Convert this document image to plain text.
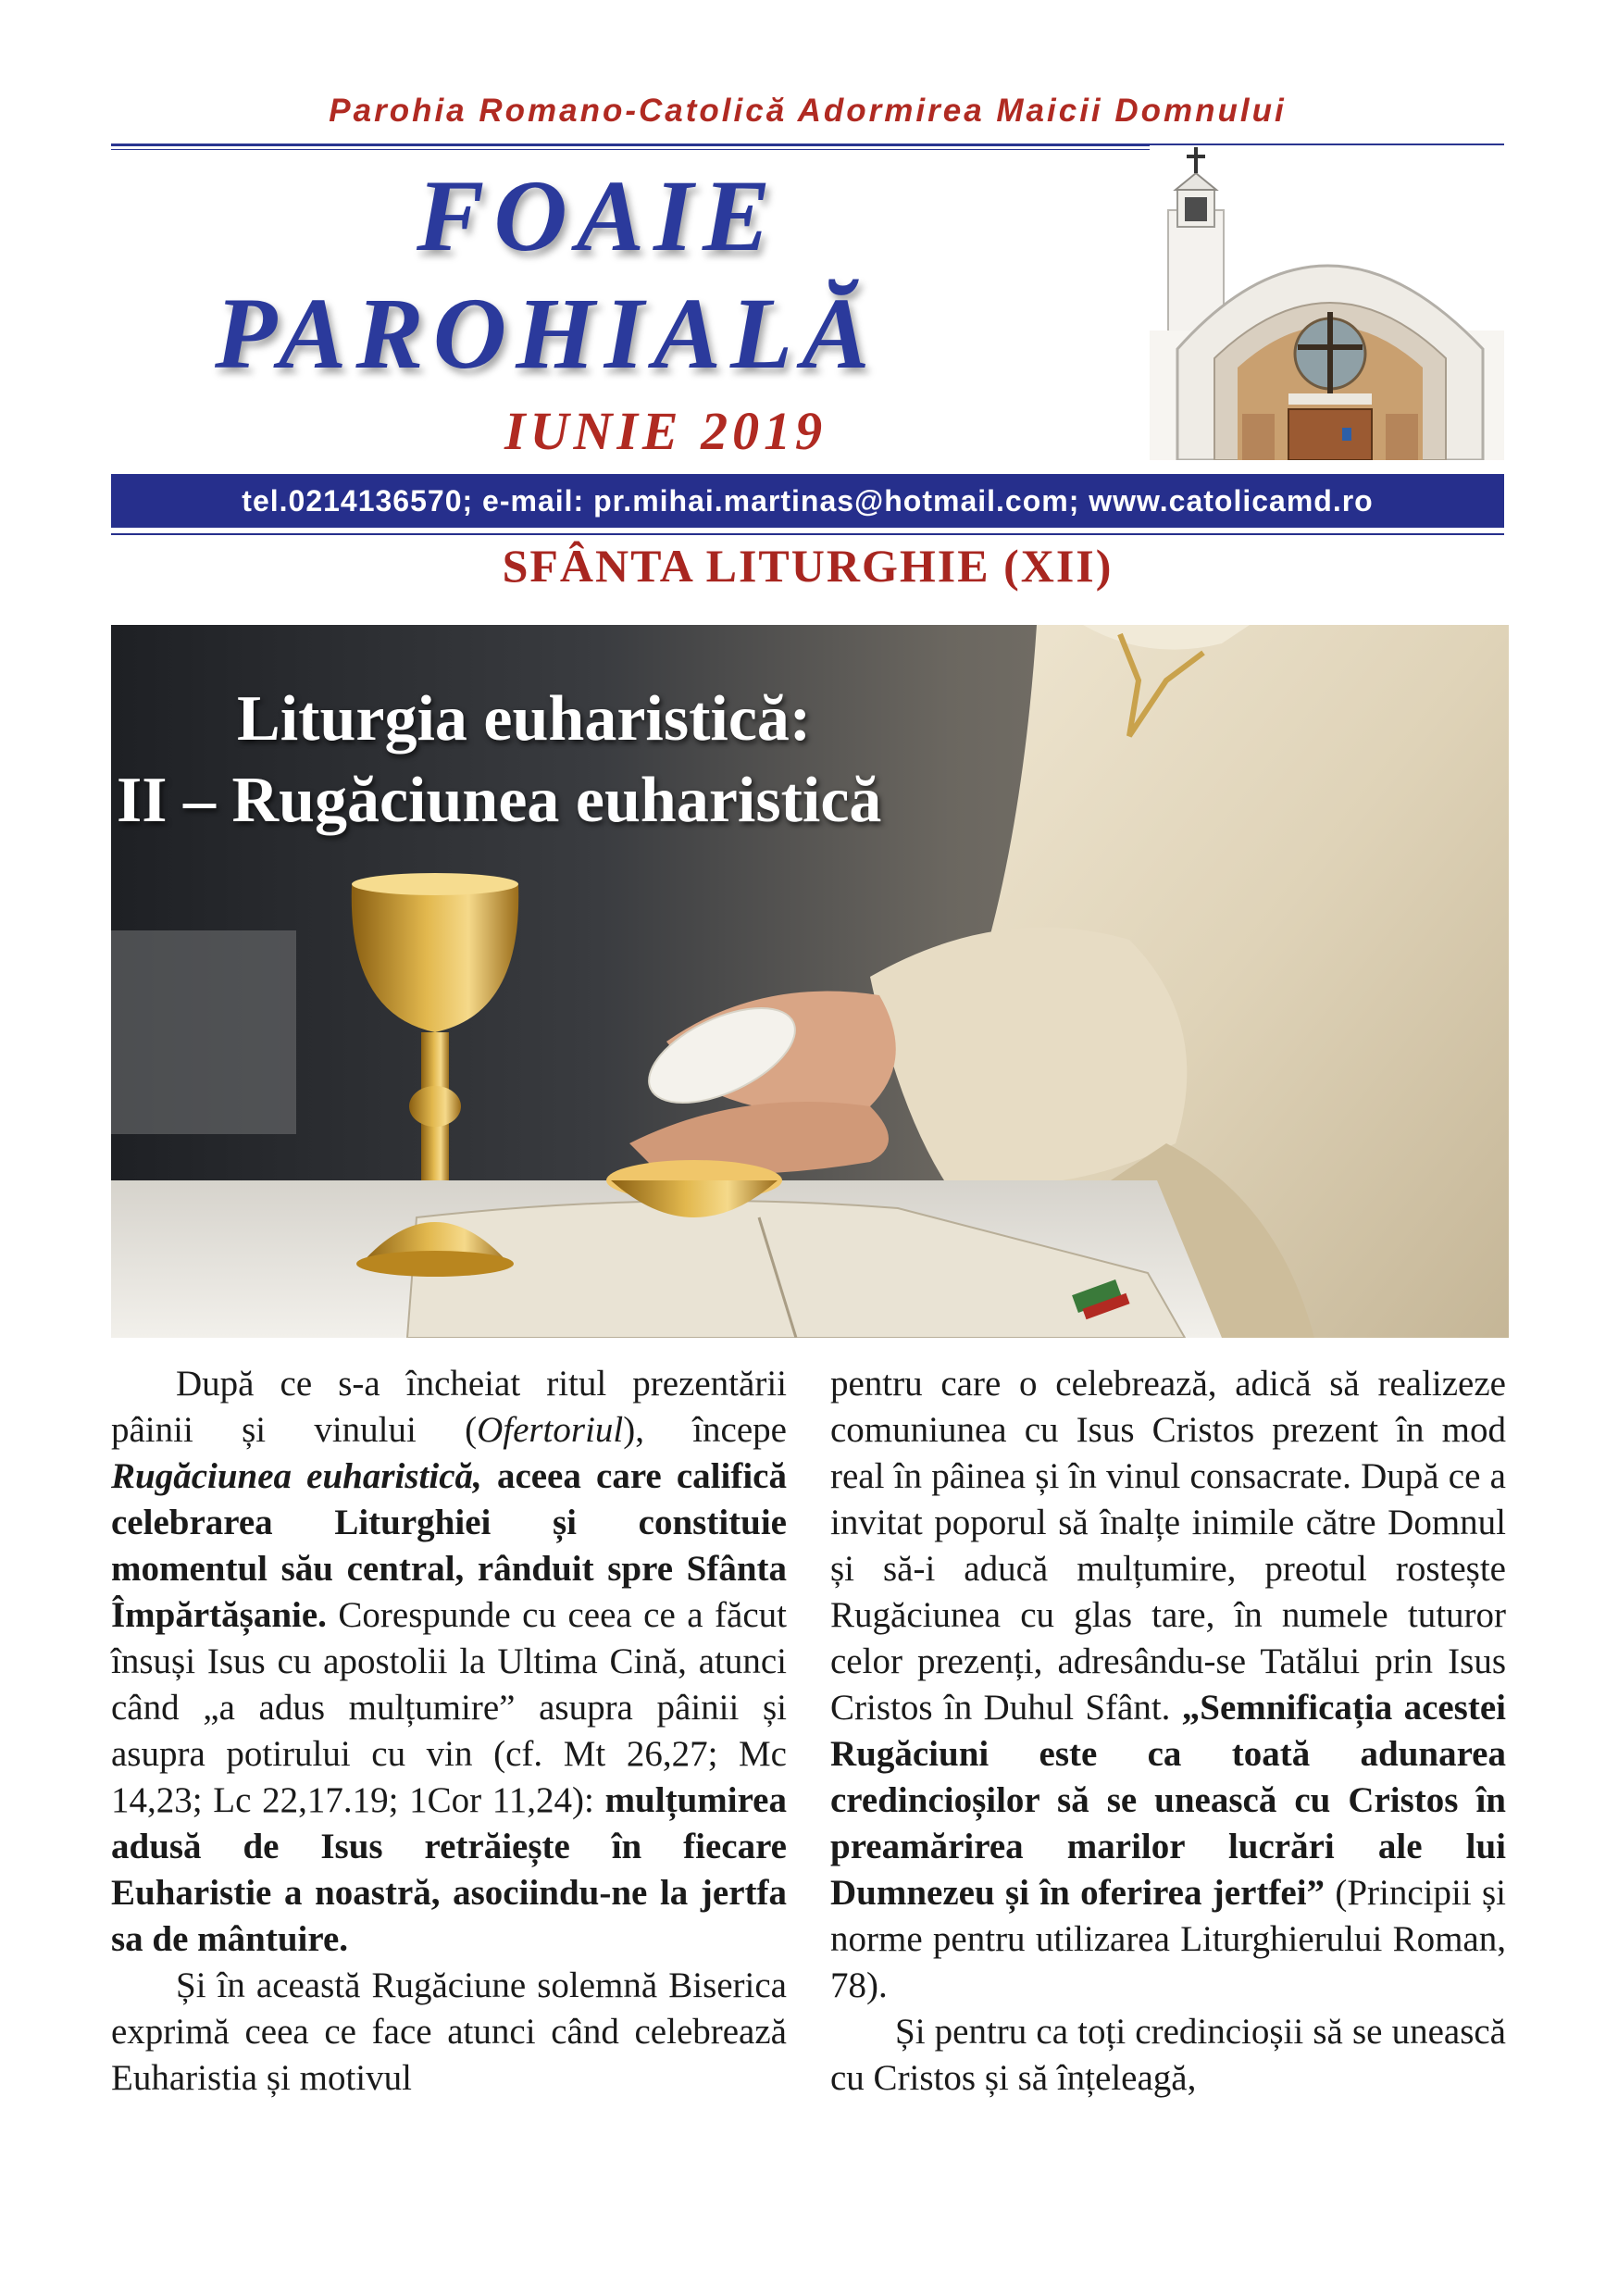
Parohia Romano-Catolică Adormirea Maicii Domnului
FOAIE
PAROHIALĂ
IUNIE 2019
tel.0214136570; e-mail: pr.mihai.martinas@hotmail.com; www.catolicamd.ro
SFÂNTA LITURGHIE (XII)
Liturgia euharistică:
II – Rugăciunea euharistică

După ce s-a încheiat ritul prezentării pâinii și vinului (Ofertoriul), începe Rugăciunea euharistică, aceea care califică celebrarea Liturghiei și constituie momentul său central, rânduit spre Sfânta Împărtășanie. Corespunde cu ceea ce a făcut însuși Isus cu apostolii la Ultima Cină, atunci când „a adus mulțumire” asupra pâinii și asupra potirului cu vin (cf. Mt 26,27; Mc 14,23; Lc 22,17.19; 1Cor 11,24): mulțumirea adusă de Isus retrăiește în fiecare Euharistie a noastră, asociindu-ne la jertfa sa de mântuire.

Și în această Rugăciune solemnă Biserica exprimă ceea ce face atunci când celebrează Euharistia și motivul

pentru care o celebrează, adică să realizeze comuniunea cu Isus Cristos prezent în mod real în pâinea și în vinul consacrate. După ce a invitat poporul să înalțe inimile către Domnul și să-i aducă mulțumire, preotul rostește Rugăciunea cu glas tare, în numele tuturor celor prezenți, adresându-se Tatălui prin Isus Cristos în Duhul Sfânt. „Semnificația acestei Rugăciuni este ca toată adunarea credincioșilor să se unească cu Cristos în preamărirea marilor lucrări ale lui Dumnezeu și în oferirea jertfei” (Principii și norme pentru utilizarea Liturghierului Roman, 78).

Și pentru ca toți credincioșii să se unească cu Cristos și să înțeleagă,
